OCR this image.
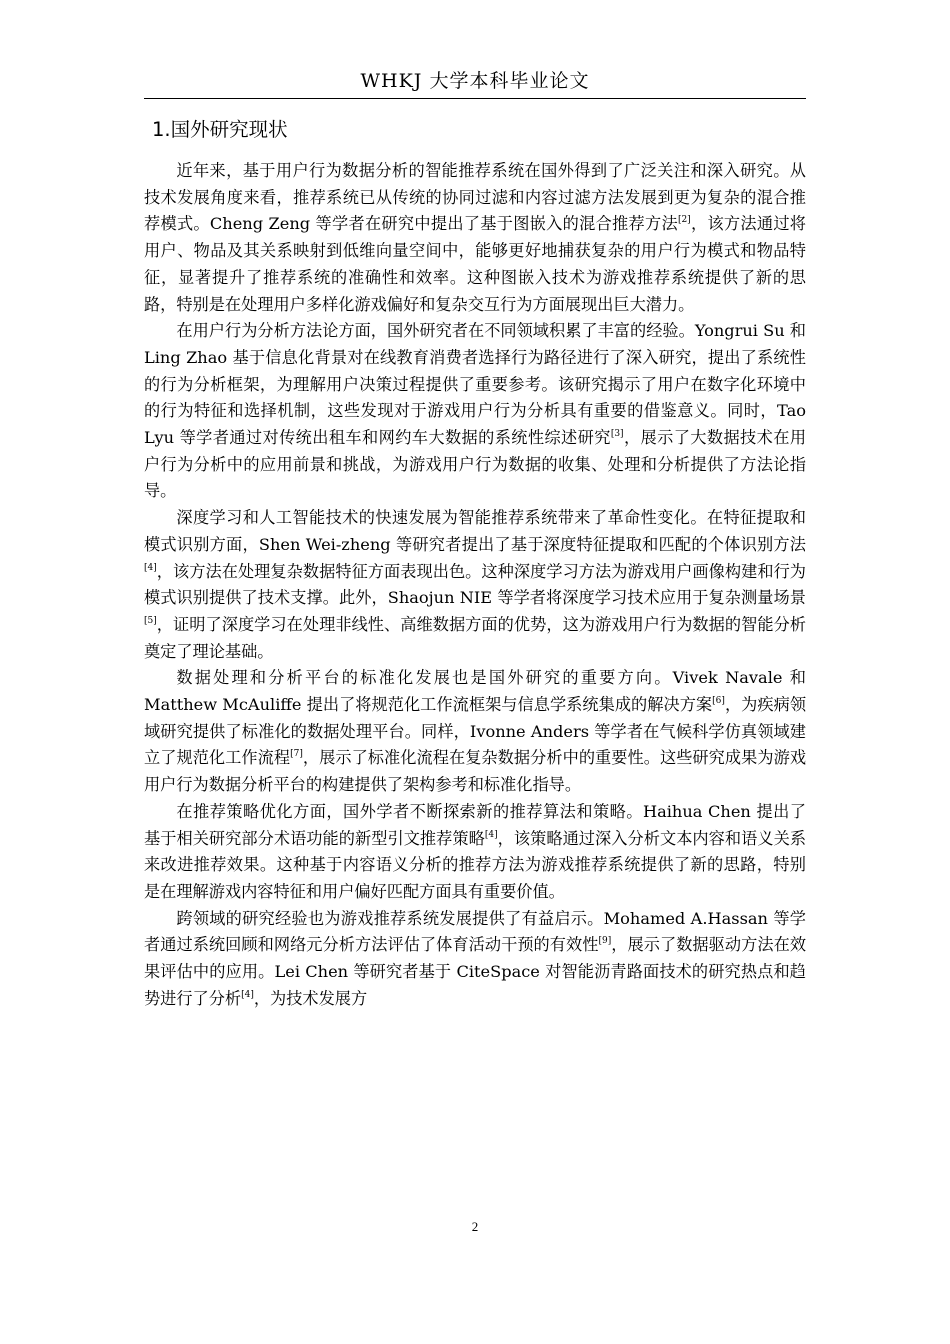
WHKJ 大学本科毕业论文
1.国外研究现状

近年来，基于用户行为数据分析的智能推荐系统在国外得到了广泛关注和深入研究。从技术发展角度来看，推荐系统已从传统的协同过滤和内容过滤方法发展到更为复杂的混合推荐模式。Cheng Zeng 等学者在研究中提出了基于图嵌入的混合推荐方法[2]，该方法通过将用户、物品及其关系映射到低维向量空间中，能够更好地捕获复杂的用户行为模式和物品特征，显著提升了推荐系统的准确性和效率。这种图嵌入技术为游戏推荐系统提供了新的思路，特别是在处理用户多样化游戏偏好和复杂交互行为方面展现出巨大潜力。

在用户行为分析方法论方面，国外研究者在不同领域积累了丰富的经验。Yongrui Su 和 Ling Zhao 基于信息化背景对在线教育消费者选择行为路径进行了深入研究，提出了系统性的行为分析框架，为理解用户决策过程提供了重要参考。该研究揭示了用户在数字化环境中的行为特征和选择机制，这些发现对于游戏用户行为分析具有重要的借鉴意义。同时，Tao Lyu 等学者通过对传统出租车和网约车大数据的系统性综述研究[3]，展示了大数据技术在用户行为分析中的应用前景和挑战，为游戏用户行为数据的收集、处理和分析提供了方法论指导。

深度学习和人工智能技术的快速发展为智能推荐系统带来了革命性变化。在特征提取和模式识别方面，Shen Wei-zheng 等研究者提出了基于深度特征提取和匹配的个体识别方法[4]，该方法在处理复杂数据特征方面表现出色。这种深度学习方法为游戏用户画像构建和行为模式识别提供了技术支撑。此外，Shaojun NIE 等学者将深度学习技术应用于复杂测量场景[5]，证明了深度学习在处理非线性、高维数据方面的优势，这为游戏用户行为数据的智能分析奠定了理论基础。

数据处理和分析平台的标准化发展也是国外研究的重要方向。Vivek Navale 和 Matthew McAuliffe 提出了将规范化工作流框架与信息学系统集成的解决方案[6]，为疾病领域研究提供了标准化的数据处理平台。同样，Ivonne Anders 等学者在气候科学仿真领域建立了规范化工作流程[7]，展示了标准化流程在复杂数据分析中的重要性。这些研究成果为游戏用户行为数据分析平台的构建提供了架构参考和标准化指导。

在推荐策略优化方面，国外学者不断探索新的推荐算法和策略。Haihua Chen 提出了基于相关研究部分术语功能的新型引文推荐策略[4]，该策略通过深入分析文本内容和语义关系来改进推荐效果。这种基于内容语义分析的推荐方法为游戏推荐系统提供了新的思路，特别是在理解游戏内容特征和用户偏好匹配方面具有重要价值。

跨领域的研究经验也为游戏推荐系统发展提供了有益启示。Mohamed A.Hassan 等学者通过系统回顾和网络元分析方法评估了体育活动干预的有效性[9]，展示了数据驱动方法在效果评估中的应用。Lei Chen 等研究者基于 CiteSpace 对智能沥青路面技术的研究热点和趋势进行了分析[4]，为技术发展方

2
